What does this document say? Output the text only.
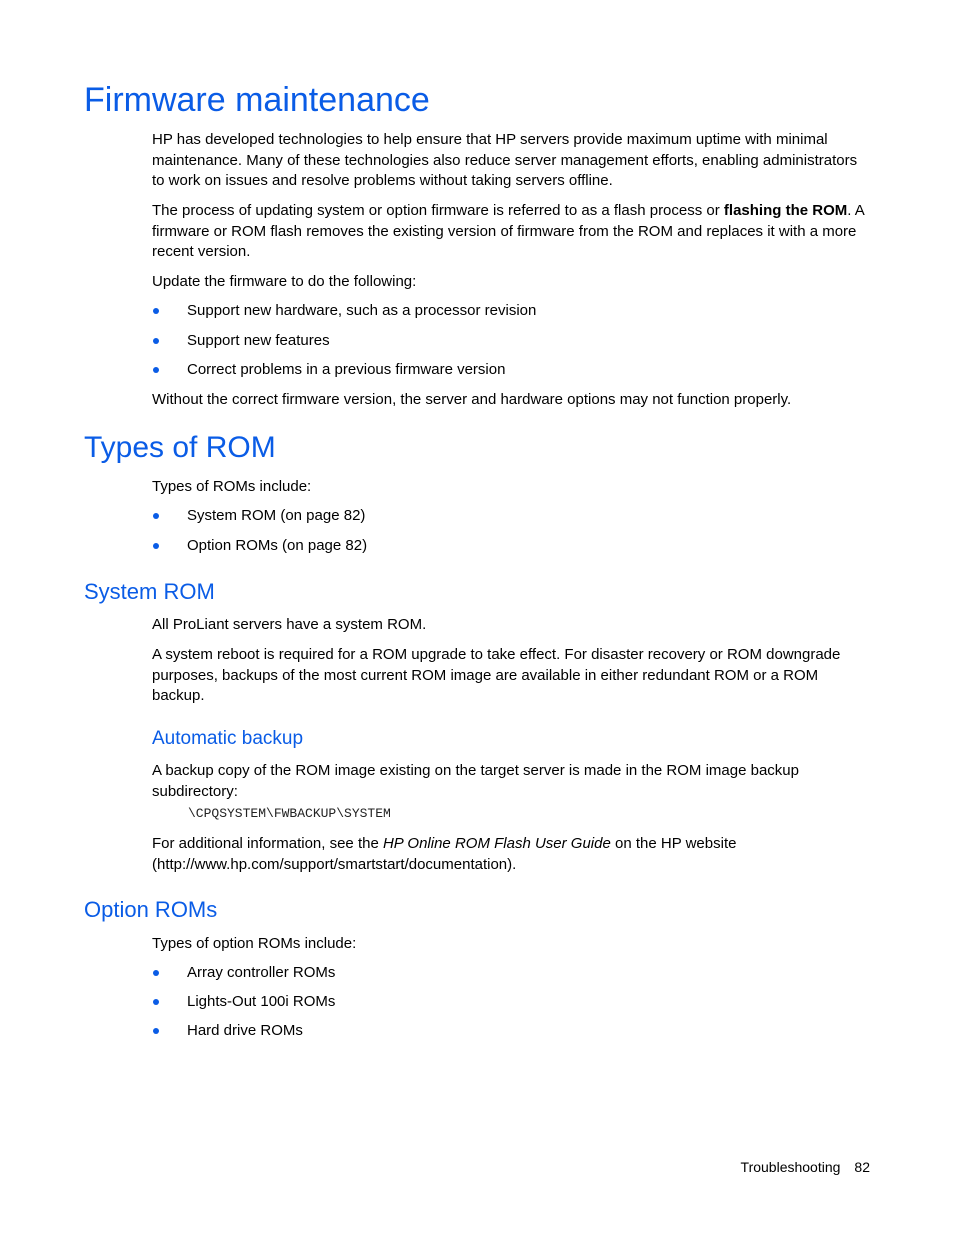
Firmware maintenance

HP has developed technologies to help ensure that HP servers provide maximum uptime with minimal maintenance. Many of these technologies also reduce server management efforts, enabling administrators to work on issues and resolve problems without taking servers offline.

The process of updating system or option firmware is referred to as a flash process or flashing the ROM. A firmware or ROM flash removes the existing version of firmware from the ROM and replaces it with a more recent version.

Update the firmware to do the following:

Support new hardware, such as a processor revision
Support new features
Correct problems in a previous firmware version

Without the correct firmware version, the server and hardware options may not function properly.

Types of ROM

Types of ROMs include:

System ROM (on page 82)
Option ROMs (on page 82)
System ROM

All ProLiant servers have a system ROM.

A system reboot is required for a ROM upgrade to take effect. For disaster recovery or ROM downgrade purposes, backups of the most current ROM image are available in either redundant ROM or a ROM backup.

Automatic backup

A backup copy of the ROM image existing on the target server is made in the ROM image backup subdirectory:

\CPQSYSTEM\FWBACKUP\SYSTEM

For additional information, see the HP Online ROM Flash User Guide on the HP website
(http://www.hp.com/support/smartstart/documentation).

Option ROMs

Types of option ROMs include:

Array controller ROMs
Lights-Out 100i ROMs
Hard drive ROMs
Troubleshooting 82
